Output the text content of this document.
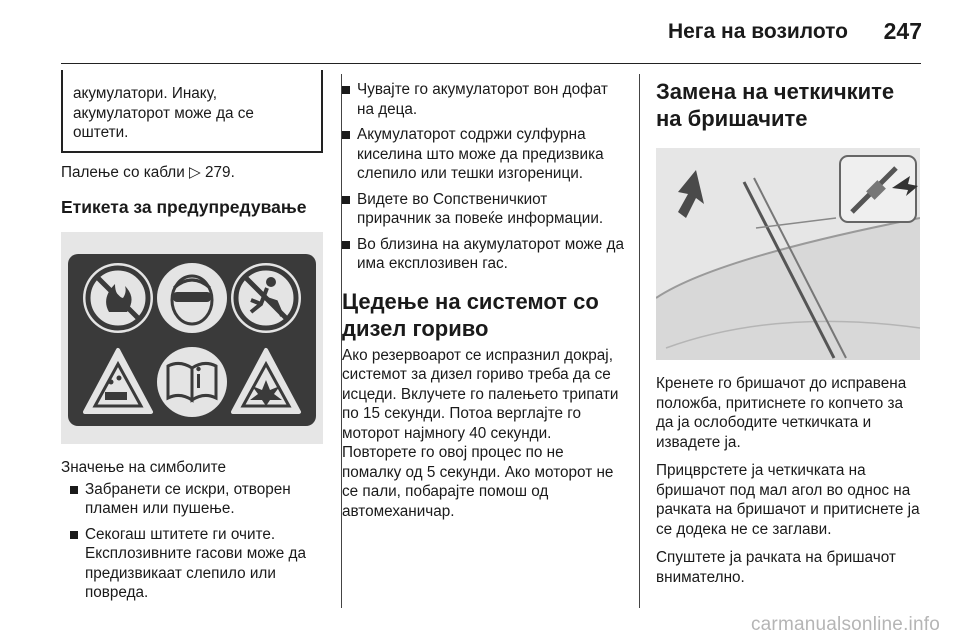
Нега на возилото	247

акумулатори. Инаку, акумулаторот може да се оштети.

Палење со кабли ▷ 279.

Етикета за предупредување

Значење на симболите

Забранети се искри, отворен пламен или пушење.
Секогаш штитете ги очите. Експлозивните гасови може да предизвикаат слепило или повреда.
Чувајте го акумулаторот вон дофат на деца.
Акумулаторот содржи сулфурна киселина што може да предизвика слепило или тешки изгореници.
Видете во Сопственичкиот прирачник за повеќе информации.
Во близина на акумулаторот може да има експлозивен гас.
Цедење на системот со дизел гориво

Ако резервоарот се испразнил докрај, системот за дизел гориво треба да се исцеди. Вклучете го палењето трипати по 15 секунди. Потоа верглајте го моторот најмногу 40 секунди. Повторете го овој процес по не помалку од 5 секунди. Ако моторот не се пали, побарајте помош од автомеханичар.

Замена на четкичките на бришачите

Кренете го бришачот до исправена положба, притиснете го копчето за да ја ослободите четкичката и извадете ја.

Прицврстете ја четкичката на бришачот под мал агол во однос на рачката на бришачот и притиснете ја се додека не се заглави.

Спуштете ја рачката на бришачот внимателно.

carmanualsonline.info
